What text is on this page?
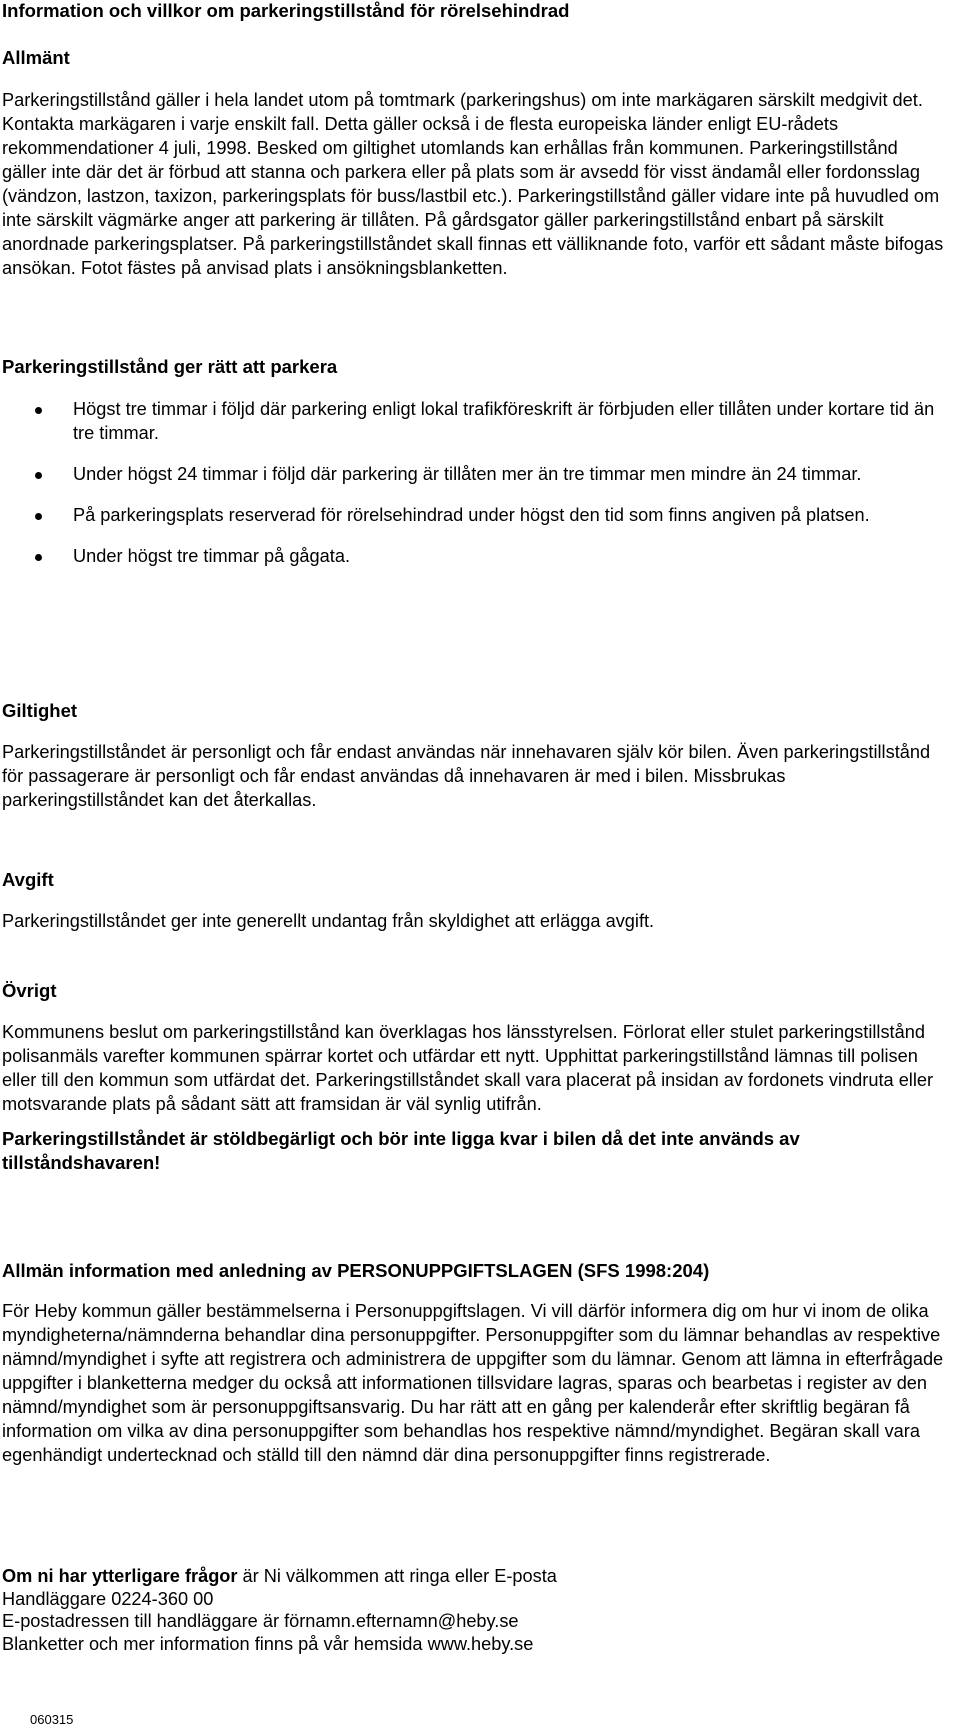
Information och villkor om parkeringstillstånd för rörelsehindrad
Allmänt

Parkeringstillstånd gäller i hela landet utom på tomtmark (parkeringshus) om inte markägaren särskilt medgivit det. Kontakta markägaren i varje enskilt fall. Detta gäller också i de flesta europeiska länder enligt EU-rådets rekommendationer 4 juli, 1998. Besked om giltighet utomlands kan erhållas från kommunen. Parkeringstillstånd gäller inte där det är förbud att stanna och parkera eller på plats som är avsedd för visst ändamål eller fordonsslag (vändzon, lastzon, taxizon, parkeringsplats för buss/lastbil etc.). Parkeringstillstånd gäller vidare inte på huvudled om inte särskilt vägmärke anger att parkering är tillåten. På gårdsgator gäller parkeringstillstånd enbart på särskilt anordnade parkeringsplatser. På parkeringstillståndet skall finnas ett välliknande foto, varför ett sådant måste bifogas ansökan. Fotot fästes på anvisad plats i ansökningsblanketten.

Parkeringstillstånd ger rätt att parkera
Högst tre timmar i följd där parkering enligt lokal trafikföreskrift är förbjuden eller tillåten under kortare tid än tre timmar.
Under högst 24 timmar i följd där parkering är tillåten mer än tre timmar men mindre än 24 timmar.
På parkeringsplats reserverad för rörelsehindrad under högst den tid som finns angiven på platsen.
Under högst tre timmar på gågata.
Giltighet

Parkeringstillståndet är personligt och får endast användas när innehavaren själv kör bilen. Även parkeringstillstånd för passagerare är personligt och får endast användas då innehavaren är med i bilen. Missbrukas parkeringstillståndet kan det återkallas.

Avgift

Parkeringstillståndet ger inte generellt undantag från skyldighet att erlägga avgift.

Övrigt

Kommunens beslut om parkeringstillstånd kan överklagas hos länsstyrelsen. Förlorat eller stulet parkeringstillstånd polisanmäls varefter kommunen spärrar kortet och utfärdar ett nytt. Upphittat parkeringstillstånd lämnas till polisen eller till den kommun som utfärdat det. Parkeringstillståndet skall vara placerat på insidan av fordonets vindruta eller motsvarande plats på sådant sätt att framsidan är väl synlig utifrån.

Parkeringstillståndet är stöldbegärligt och bör inte ligga kvar i bilen då det inte används av tillståndshavaren!

Allmän information med anledning av PERSONUPPGIFTSLAGEN (SFS 1998:204)

För Heby kommun gäller bestämmelserna i Personuppgiftslagen. Vi vill därför informera dig om hur vi inom de olika myndigheterna/nämnderna behandlar dina personuppgifter. Personuppgifter som du lämnar behandlas av respektive nämnd/myndighet i syfte att registrera och administrera de uppgifter som du lämnar. Genom att lämna in efterfrågade uppgifter i blanketterna medger du också att informationen tillsvidare lagras, sparas och bearbetas i register av den nämnd/myndighet som är personuppgiftsansvarig. Du har rätt att en gång per kalenderår efter skriftlig begäran få information om vilka av dina personuppgifter som behandlas hos respektive nämnd/myndighet. Begäran skall vara egenhändigt undertecknad och ställd till den nämnd där dina personuppgifter finns registrerade.

Om ni har ytterligare frågor är Ni välkommen att ringa eller E-posta

Handläggare 0224-360 00

E-postadressen till handläggare är förnamn.efternamn@heby.se

Blanketter och mer information finns på vår hemsida www.heby.se

060315
